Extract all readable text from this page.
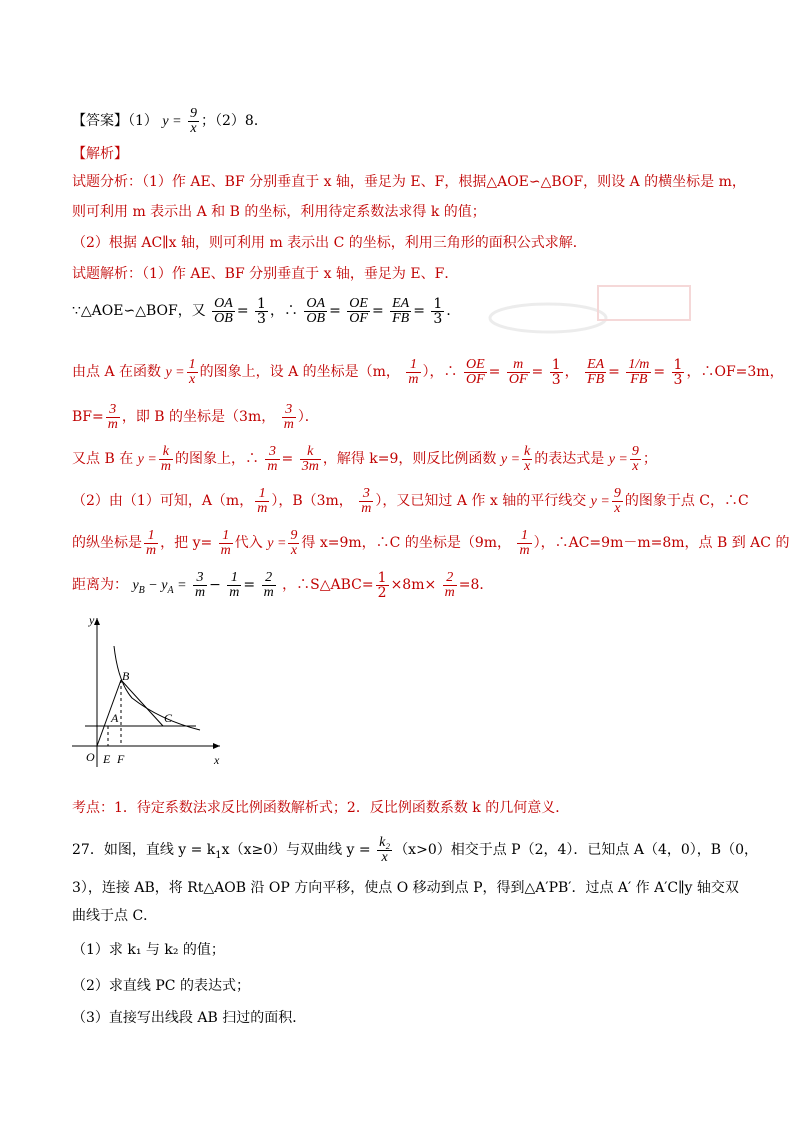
【答案】（1） $y = \frac{9}{x}$ ；（2）8．
【解析】
试题分析：（1）作 AE、BF 分别垂直于 x 轴，垂足为 E、F，根据△AOE∽△BOF，则设 A 的横坐标是 m，
则可利用 m 表示出 A 和 B 的坐标，利用待定系数法求得 k 的值；
（2）根据 AC∥x 轴，则可利用 m 表示出 C 的坐标，利用三角形的面积公式求解．
试题解析：（1）作 AE、BF 分别垂直于 x 轴，垂足为 E、F．
∵△AOE∽△BOF，又 $\frac{OA}{OB} = \frac{1}{3}$ ，∴ $\frac{OA}{OB} = \frac{OE}{OF} = \frac{EA}{FB} = \frac{1}{3}$ ．
由点 A 在函数 $y = \frac{1}{x}$ 的图象上，设 A 的坐标是（m， $\frac{1}{m}$ ），∴ $\frac{OE}{OF} = \frac{m}{OF} = \frac{1}{3}$ ， $\frac{EA}{FB} = \frac{1/m}{FB} = \frac{1}{3}$ ，∴OF=3m，
$BF= \frac{3}{m}$ ，即 B 的坐标是（3m， $\frac{3}{m}$ ）．
又点 B 在 $y = \frac{k}{m}$ 的图象上，∴ $\frac{3}{m} = \frac{k}{3m}$ ，解得 k=9，则反比例函数 $y = \frac{k}{x}$ 的表达式是 $y = \frac{9}{x}$ ；
（2）由（1）可知，A（m， $\frac{1}{m}$ ），B（3m， $\frac{3}{m}$ ），又已知过 A 作 x 轴的平行线交 $y = \frac{9}{x}$ 的图象于点 C，∴C
的纵坐标是 $\frac{1}{m}$ ，把 $y= \frac{1}{m}$ 代入 $y = \frac{9}{x}$ 得 x=9m，∴C 的坐标是（9m， $\frac{1}{m}$ ），∴AC=9m－m=8m，点 B 到 AC 的
距离为： $y_B - y_A = \frac{3}{m} - \frac{1}{m} = \frac{2}{m}$ ，∴S△ABC= $\frac{1}{2} \times 8m\times \frac{2}{m} =8$．
y
x
O E F
A
B
C
考点：1．待定系数法求反比例函数解析式；2．反比例函数系数 k 的几何意义．
27．如图，直线 $y = k_1x(x\ge 0)$与双曲线 $y = \frac{\text{k₂}}{x} (x>0)$相交于点 P（2，4）．已知点 A（4，0），B（0，
3），连接 AB，将 Rt△AOB 沿 OP 方向平移，使点 O 移动到点 P，得到△A′PB′．过点 A′ 作 A′C∥y 轴交双
曲线于点 C．
（1）求 k₁ 与 k₂ 的值；
（2）求直线 PC 的表达式；
（3）直接写出线段 AB 扫过的面积．
